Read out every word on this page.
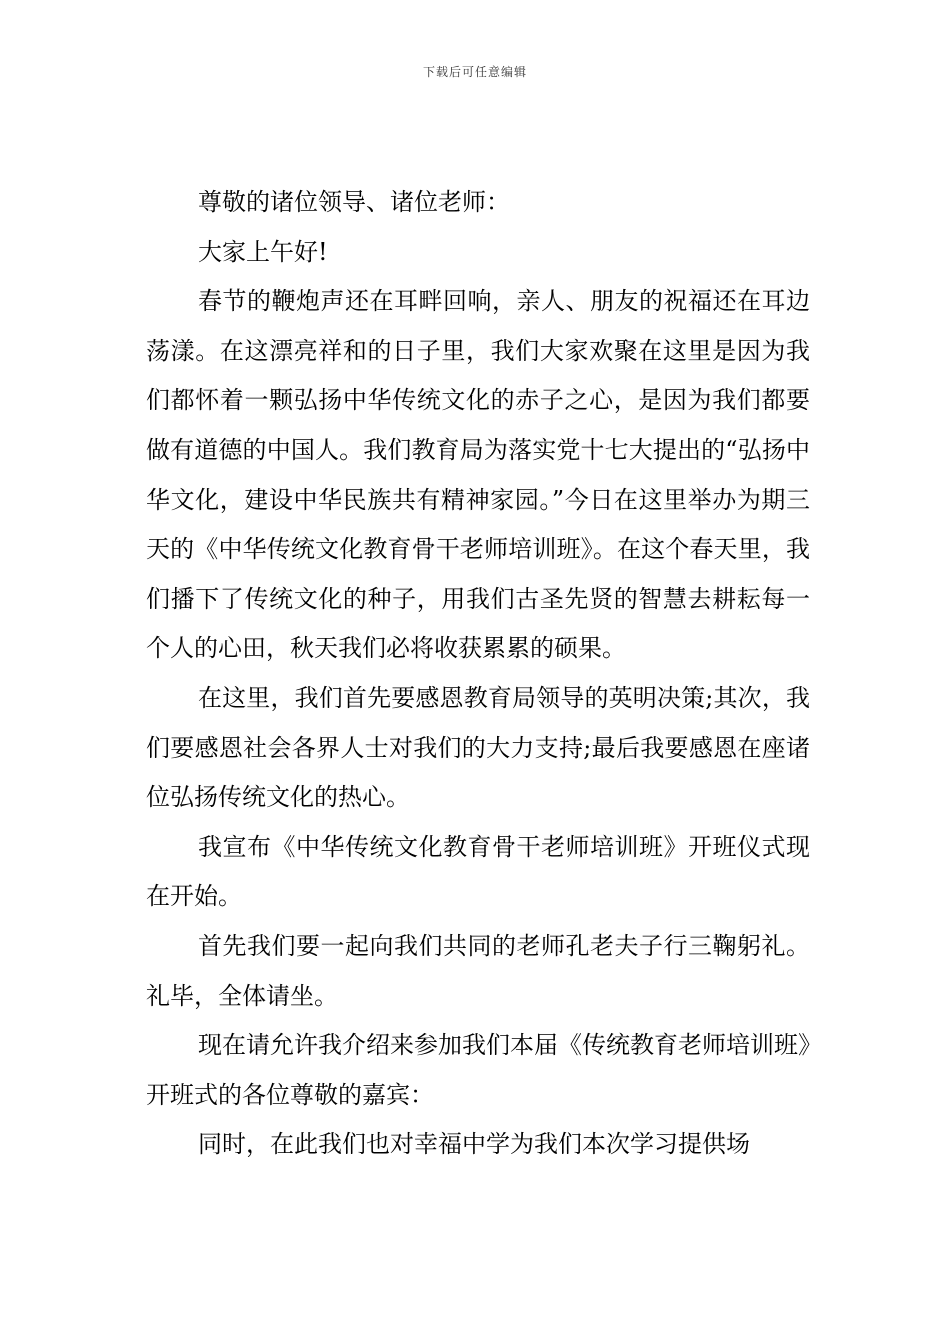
下载后可任意编辑

尊敬的诸位领导、诸位老师：

大家上午好!

春节的鞭炮声还在耳畔回响，亲人、朋友的祝福还在耳边荡漾。在这漂亮祥和的日子里，我们大家欢聚在这里是因为我们都怀着一颗弘扬中华传统文化的赤子之心，是因为我们都要做有道德的中国人。我们教育局为落实党十七大提出的“弘扬中华文化，建设中华民族共有精神家园。”今日在这里举办为期三天的《中华传统文化教育骨干老师培训班》。在这个春天里，我们播下了传统文化的种子，用我们古圣先贤的智慧去耕耘每一个人的心田，秋天我们必将收获累累的硕果。

在这里，我们首先要感恩教育局领导的英明决策;其次，我们要感恩社会各界人士对我们的大力支持;最后我要感恩在座诸位弘扬传统文化的热心。

我宣布《中华传统文化教育骨干老师培训班》开班仪式现在开始。

首先我们要一起向我们共同的老师孔老夫子行三鞠躬礼。礼毕，全体请坐。

现在请允许我介绍来参加我们本届《传统教育老师培训班》开班式的各位尊敬的嘉宾：

同时，在此我们也对幸福中学为我们本次学习提供场
